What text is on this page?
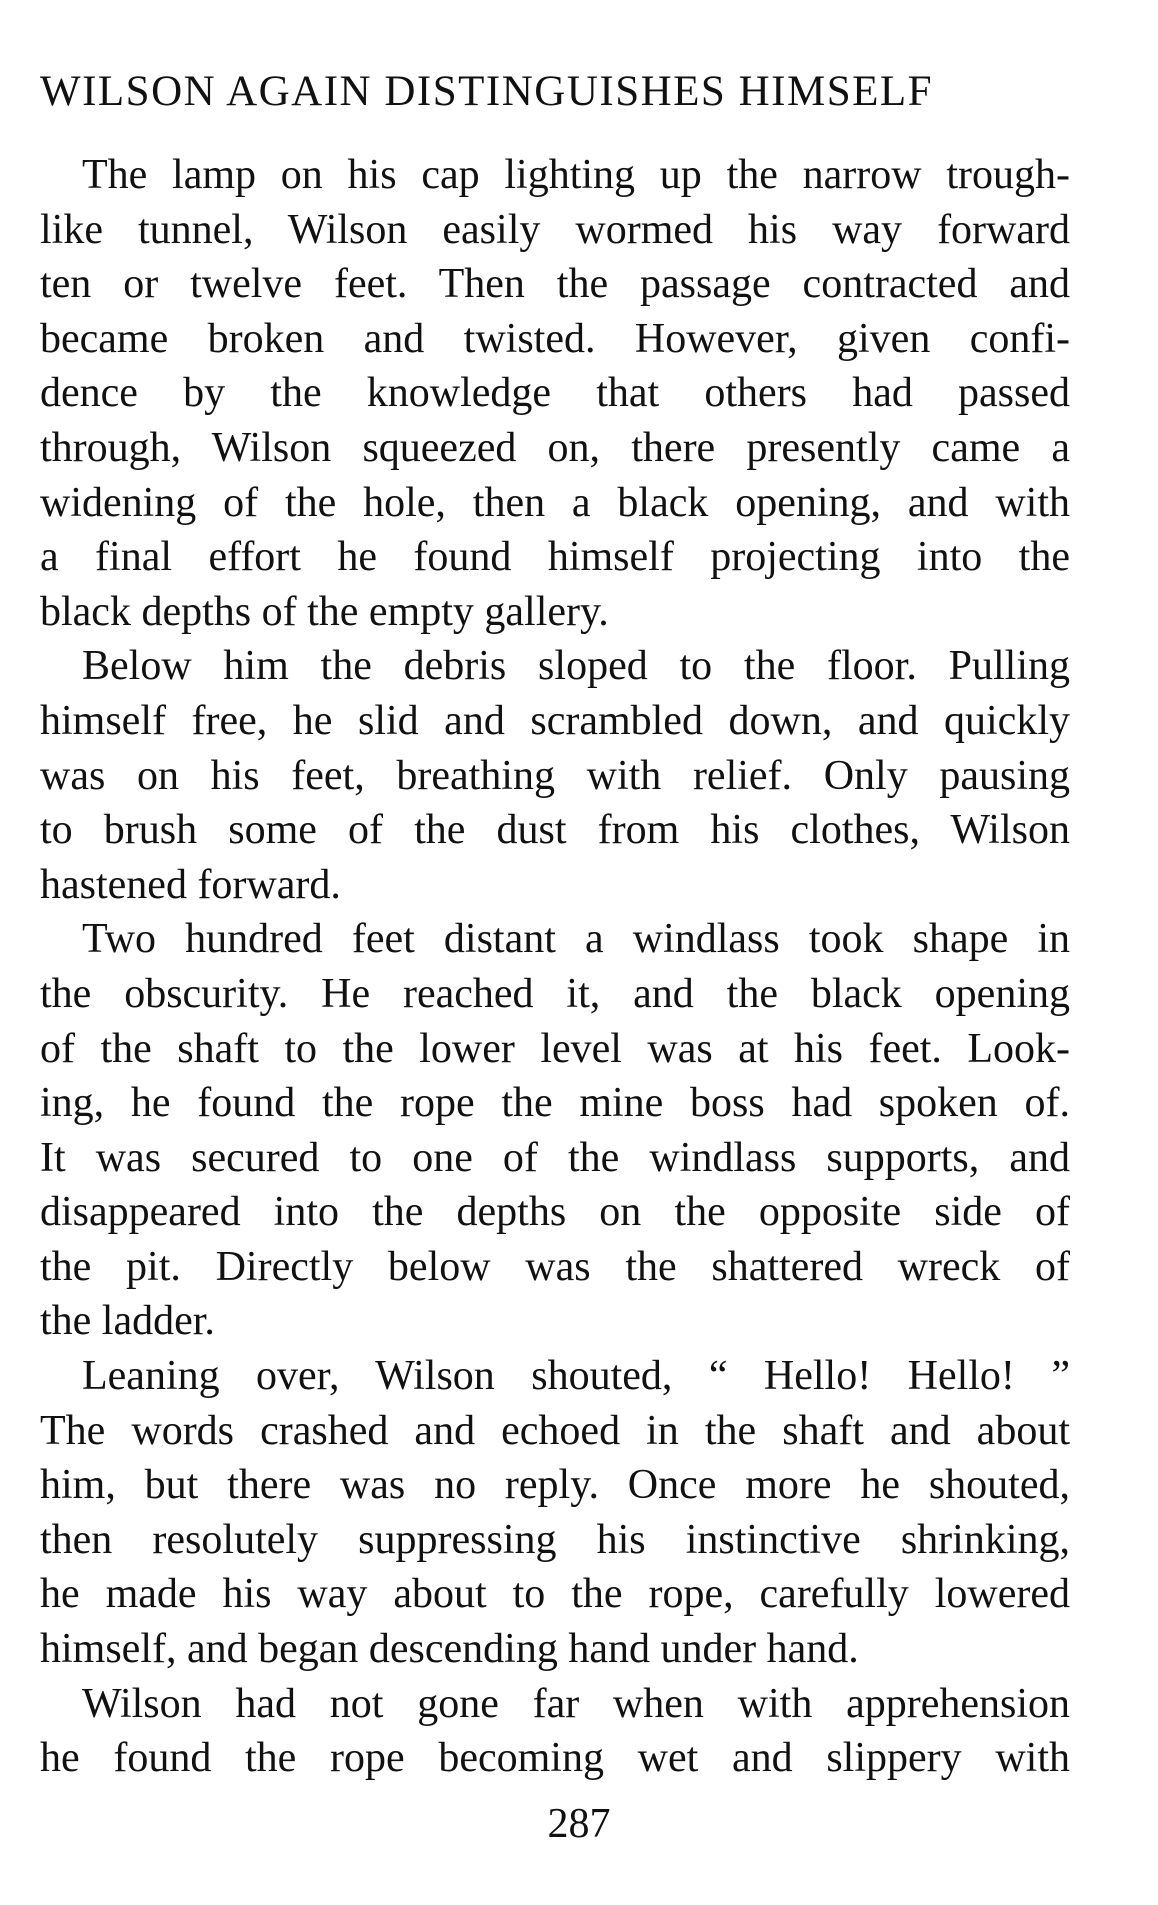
WILSON AGAIN DISTINGUISHES HIMSELF
The lamp on his cap lighting up the narrow trough-
like tunnel, Wilson easily wormed his way forward
ten or twelve feet. Then the passage contracted and
became broken and twisted. However, given confi-
dence by the knowledge that others had passed
through, Wilson squeezed on, there presently came a
widening of the hole, then a black opening, and with
a final effort he found himself projecting into the
black depths of the empty gallery.
Below him the debris sloped to the floor. Pulling
himself free, he slid and scrambled down, and quickly
was on his feet, breathing with relief. Only pausing
to brush some of the dust from his clothes, Wilson
hastened forward.
Two hundred feet distant a windlass took shape in
the obscurity. He reached it, and the black opening
of the shaft to the lower level was at his feet. Look-
ing, he found the rope the mine boss had spoken of.
It was secured to one of the windlass supports, and
disappeared into the depths on the opposite side of
the pit. Directly below was the shattered wreck of
the ladder.
Leaning over, Wilson shouted, “ Hello! Hello! ”
The words crashed and echoed in the shaft and about
him, but there was no reply. Once more he shouted,
then resolutely suppressing his instinctive shrinking,
he made his way about to the rope, carefully lowered
himself, and began descending hand under hand.
Wilson had not gone far when with apprehension
he found the rope becoming wet and slippery with
287
